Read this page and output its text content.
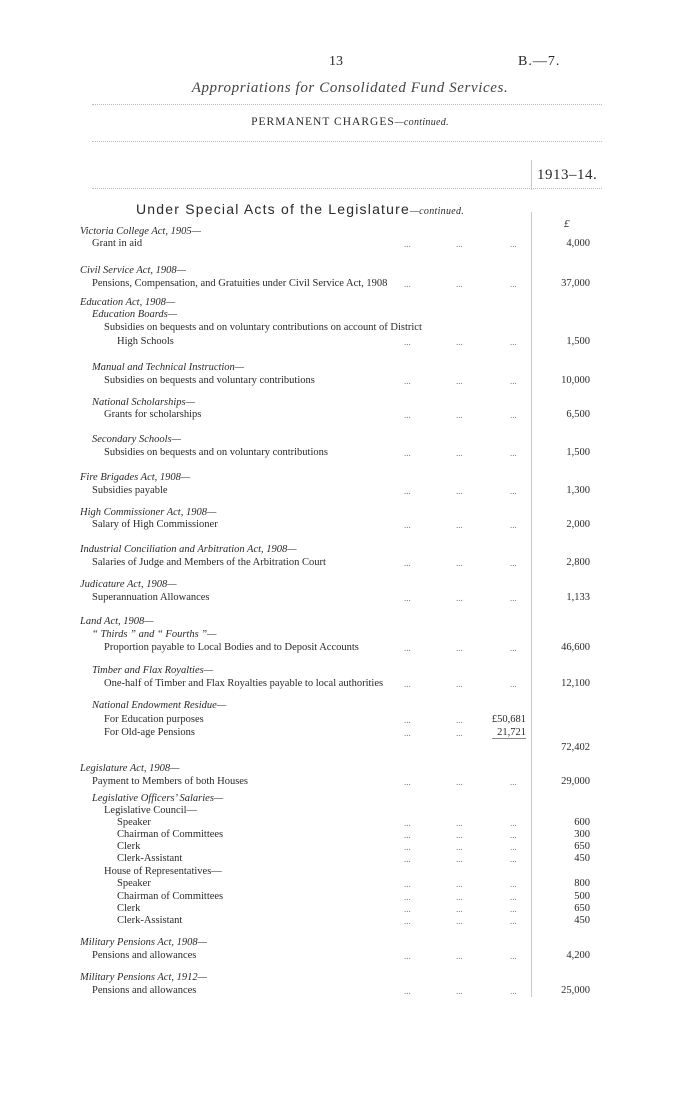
13	B.—7.
Appropriations for Consolidated Fund Services.
PERMANENT CHARGES—continued.
1913–14.
Under Special Acts of the Legislature—continued.
£
Victoria College Act, 1905—
Grant in aid	...	...	...	4,000
Civil Service Act, 1908—
Pensions, Compensation, and Gratuities under Civil Service Act, 1908 ...	...	...	37,000
Education Act, 1908—
Education Boards—
Subsidies on bequests and on voluntary contributions on account of District
High Schools	...	...	...	1,500
Manual and Technical Instruction—
Subsidies on bequests and voluntary contributions	...	...	...	10,000
National Scholarships—
Grants for scholarships	...	...	...	6,500
Secondary Schools—
Subsidies on bequests and on voluntary contributions	...	...	...	1,500
Fire Brigades Act, 1908—
Subsidies payable	...	...	...	1,300
High Commissioner Act, 1908—
Salary of High Commissioner	...	...	...	2,000
Industrial Conciliation and Arbitration Act, 1908—
Salaries of Judge and Members of the Arbitration Court	...	...	...	2,800
Judicature Act, 1908—
Superannuation Allowances	...	...	...	1,133
Land Act, 1908—
“ Thirds ” and “ Fourths ”—
Proportion payable to Local Bodies and to Deposit Accounts	...	...	...	46,600
Timber and Flax Royalties—
One-half of Timber and Flax Royalties payable to local authorities ...	...	...	12,100
National Endowment Residue—
For Education purposes	...	...	£50,681
For Old-age Pensions	...	...	21,721
72,402
Legislature Act, 1908—
Payment to Members of both Houses	...	...	...	29,000
Legislative Officers’ Salaries—
Legislative Council—
Speaker	...	...	...	600
Chairman of Committees	...	...	...	300
Clerk	...	...	...	650
Clerk-Assistant	...	...	...	450
House of Representatives—
Speaker	...	...	...	800
Chairman of Committees	...	...	...	500
Clerk	...	...	...	650
Clerk-Assistant	...	...	...	450
Military Pensions Act, 1908—
Pensions and allowances	...	...	...	4,200
Military Pensions Act, 1912—
Pensions and allowances	...	...	...	25,000
